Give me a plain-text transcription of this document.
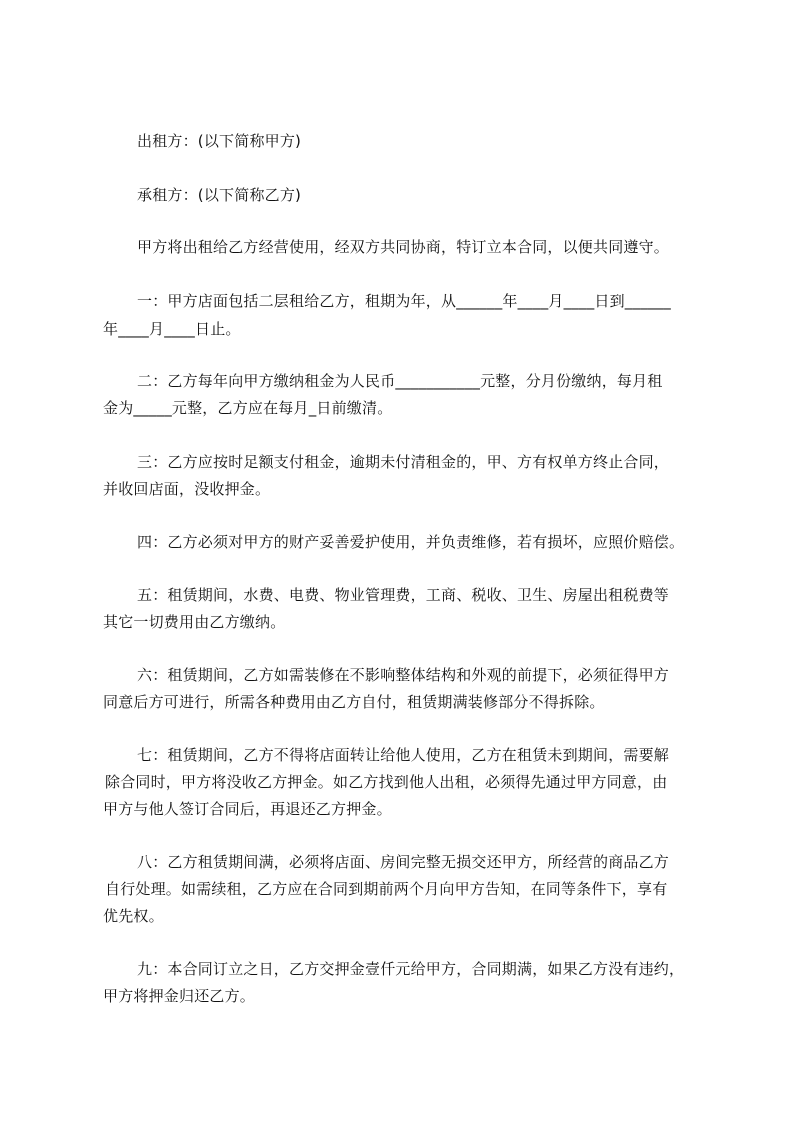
出租方：(以下简称甲方)
承租方：(以下简称乙方)
甲方将出租给乙方经营使用，经双方共同协商，特订立本合同，以便共同遵守。
一：甲方店面包括二层租给乙方，租期为年，从______年____月____日到______
年____月____日止。
二：乙方每年向甲方缴纳租金为人民币___________元整，分月份缴纳，每月租
金为_____元整，乙方应在每月_日前缴清。
三：乙方应按时足额支付租金，逾期未付清租金的，甲、方有权单方终止合同，
并收回店面，没收押金。
四：乙方必须对甲方的财产妥善爱护使用，并负责维修，若有损坏，应照价赔偿。
五：租赁期间，水费、电费、物业管理费，工商、税收、卫生、房屋出租税费等
其它一切费用由乙方缴纳。
六：租赁期间，乙方如需装修在不影响整体结构和外观的前提下，必须征得甲方
同意后方可进行，所需各种费用由乙方自付，租赁期满装修部分不得拆除。
七：租赁期间，乙方不得将店面转让给他人使用，乙方在租赁未到期间，需要解
除合同时，甲方将没收乙方押金。如乙方找到他人出租，必须得先通过甲方同意，由
甲方与他人签订合同后，再退还乙方押金。
八：乙方租赁期间满，必须将店面、房间完整无损交还甲方，所经营的商品乙方
自行处理。如需续租，乙方应在合同到期前两个月向甲方告知，在同等条件下，享有
优先权。
九：本合同订立之日，乙方交押金壹仟元给甲方，合同期满，如果乙方没有违约，
甲方将押金归还乙方。
